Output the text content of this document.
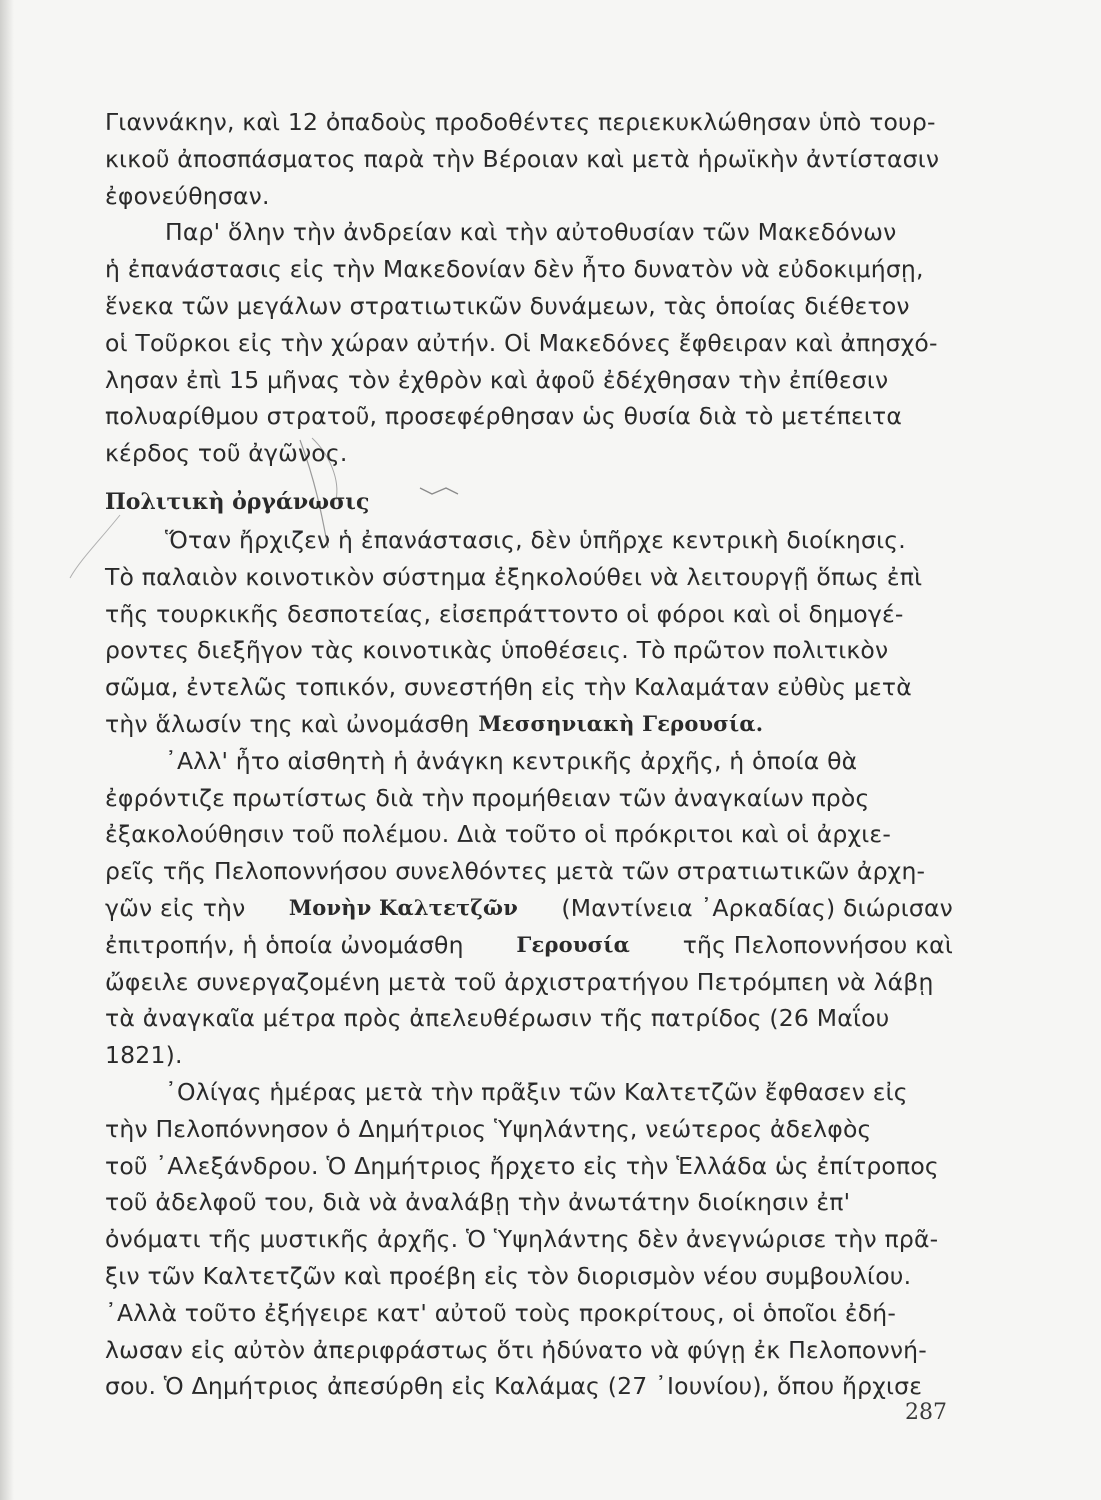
Γιαννάκην, καὶ 12 ὀπαδοὺς προδοθέντες περιεκυκλώθησαν ὑπὸ τουρ-
κικοῦ ἀποσπάσματος παρὰ τὴν Βέροιαν καὶ μετὰ ἡρωϊκὴν ἀντίστασιν
ἐφονεύθησαν.
Παρ' ὅλην τὴν ἀνδρείαν καὶ τὴν αὐτοθυσίαν τῶν Μακεδόνων
ἡ ἐπανάστασις εἰς τὴν Μακεδονίαν δὲν ἦτο δυνατὸν νὰ εὐδοκιμήσῃ,
ἕνεκα τῶν μεγάλων στρατιωτικῶν δυνάμεων, τὰς ὁποίας διέθετον
οἱ Τοῦρκοι εἰς τὴν χώραν αὐτήν. Οἱ Μακεδόνες ἔφθειραν καὶ ἀπησχό-
λησαν ἐπὶ 15 μῆνας τὸν ἐχθρὸν καὶ ἀφοῦ ἐδέχθησαν τὴν ἐπίθεσιν
πολυαρίθμου στρατοῦ, προσεφέρθησαν ὡς θυσία διὰ τὸ μετέπειτα
κέρδος τοῦ ἀγῶνος.
Πολιτικὴ ὀργάνωσις
Ὅταν ἤρχιζεν ἡ ἐπανάστασις, δὲν ὑπῆρχε κεντρικὴ διοίκησις.
Τὸ παλαιὸν κοινοτικὸν σύστημα ἐξηκολούθει νὰ λειτουργῇ ὅπως ἐπὶ
τῆς τουρκικῆς δεσποτείας, εἰσεπράττοντο οἱ φόροι καὶ οἱ δημογέ-
ροντες διεξῆγον τὰς κοινοτικὰς ὑποθέσεις. Τὸ πρῶτον πολιτικὸν
σῶμα, ἐντελῶς τοπικόν, συνεστήθη εἰς τὴν Καλαμάταν εὐθὺς μετὰ
τὴν ἅλωσίν της καὶ ὠνομάσθη Μεσσηνιακὴ Γερουσία.
᾿Αλλ' ἦτο αἰσθητὴ ἡ ἀνάγκη κεντρικῆς ἀρχῆς, ἡ ὁποία θὰ
ἐφρόντιζε πρωτίστως διὰ τὴν προμήθειαν τῶν ἀναγκαίων πρὸς
ἐξακολούθησιν τοῦ πολέμου. Διὰ τοῦτο οἱ πρόκριτοι καὶ οἱ ἀρχιε-
ρεῖς τῆς Πελοποννήσου συνελθόντες μετὰ τῶν στρατιωτικῶν ἀρχη-
γῶν εἰς τὴν Μονὴν Καλτετζῶν (Μαντίνεια ᾿Αρκαδίας) διώρισαν
ἐπιτροπήν, ἡ ὁποία ὠνομάσθη	Γερουσία τῆς Πελοποννήσου καὶ
ὤφειλε συνεργαζομένη μετὰ τοῦ ἀρχιστρατήγου Πετρόμπεη νὰ λάβῃ
τὰ ἀναγκαῖα μέτρα πρὸς ἀπελευθέρωσιν τῆς πατρίδος (26 Μαΐου
1821).
᾿Ολίγας ἡμέρας μετὰ τὴν πρᾶξιν τῶν Καλτετζῶν ἔφθασεν εἰς
τὴν Πελοπόννησον ὁ Δημήτριος Ὑψηλάντης, νεώτερος ἀδελφὸς
τοῦ ᾿Αλεξάνδρου. Ὁ Δημήτριος ἤρχετο εἰς τὴν Ἑλλάδα ὡς ἐπίτροπος
τοῦ ἀδελφοῦ του, διὰ νὰ ἀναλάβῃ τὴν ἀνωτάτην διοίκησιν ἐπ'
ὀνόματι τῆς μυστικῆς ἀρχῆς. Ὁ Ὑψηλάντης δὲν ἀνεγνώρισε τὴν πρᾶ-
ξιν τῶν Καλτετζῶν καὶ προέβη εἰς τὸν διορισμὸν νέου συμβουλίου.
᾿Αλλὰ τοῦτο ἐξήγειρε κατ' αὐτοῦ τοὺς προκρίτους, οἱ ὁποῖοι ἐδή-
λωσαν εἰς αὐτὸν ἀπεριφράστως ὅτι ἠδύνατο νὰ φύγῃ ἐκ Πελοποννή-
σου. Ὁ Δημήτριος ἀπεσύρθη εἰς Καλάμας (27 ᾿Ιουνίου), ὅπου ἤρχισε
287
